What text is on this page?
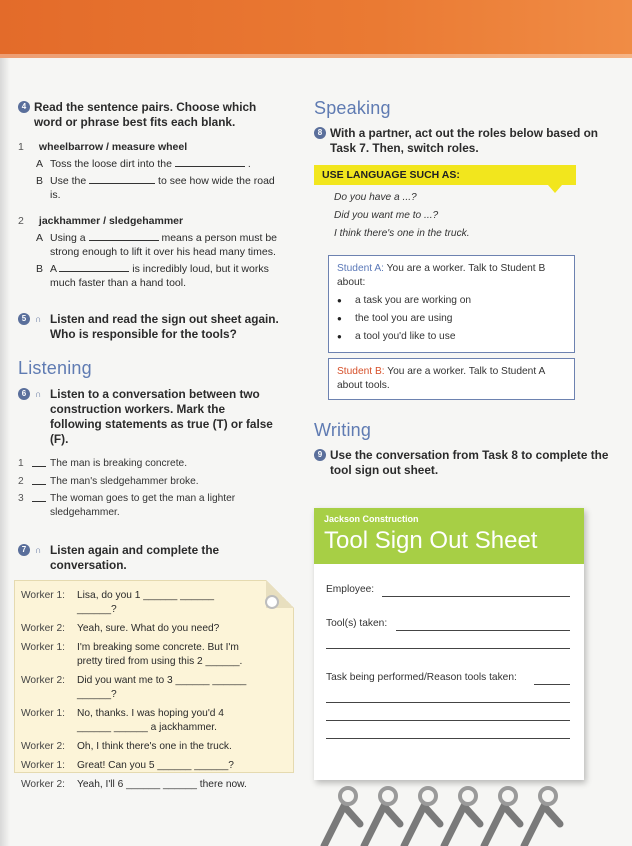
4 Read the sentence pairs. Choose which word or phrase best fits each blank.
1 wheelbarrow / measure wheel
A Toss the loose dirt into the	.
B Use the	to see how wide the road is.
2 jackhammer / sledgehammer
A Using a	means a person must be strong enough to lift it over his head many times.
B A	is incredibly loud, but it works much faster than a hand tool.
5 ∩ Listen and read the sign out sheet again. Who is responsible for the tools?
Listening
6 ∩ Listen to a conversation between two construction workers. Mark the following statements as true (T) or false (F).
1	The man is breaking concrete.
2	The man's sledgehammer broke.
3	The woman goes to get the man a lighter sledgehammer.
7 ∩ Listen again and complete the conversation.
Worker 1:	Lisa, do you 1 ______ ______ ______?
Worker 2:	Yeah, sure. What do you need?
Worker 1:	I'm breaking some concrete. But I'm pretty tired from using this 2 ______.
Worker 2:	Did you want me to 3 ______ ______ ______?
Worker 1:	No, thanks. I was hoping you'd 4 ______ ______ a jackhammer.
Worker 2:	Oh, I think there's one in the truck.
Worker 1:	Great! Can you 5 ______ ______?
Worker 2:	Yeah, I'll 6 ______ ______ there now.
Speaking
8 With a partner, act out the roles below based on Task 7. Then, switch roles.
USE LANGUAGE SUCH AS:
Do you have a ...?
Did you want me to ...?
I think there's one in the truck.
Student A: You are a worker. Talk to Student B about:
● a task you are working on
● the tool you are using
● a tool you'd like to use
Student B: You are a worker. Talk to Student A about tools.
Writing
9 Use the conversation from Task 8 to complete the tool sign out sheet.
Jackson Construction
Tool Sign Out Sheet
Employee:
Tool(s) taken:
Task being performed/Reason tools taken:
